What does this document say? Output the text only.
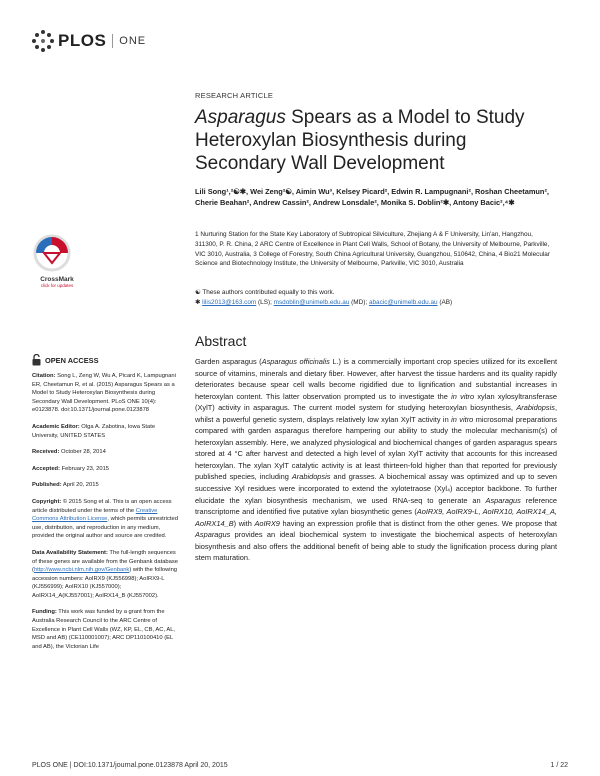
PLOS ONE
RESEARCH ARTICLE
Asparagus Spears as a Model to Study Heteroxylan Biosynthesis during Secondary Wall Development
Lili Song¹,²☯✱, Wei Zeng²☯, Aimin Wu³, Kelsey Picard², Edwin R. Lampugnani², Roshan Cheetamun², Cherie Beahan², Andrew Cassin², Andrew Lonsdale², Monika S. Doblin²✱, Antony Bacic²,⁴✱
1 Nurturing Station for the State Key Laboratory of Subtropical Silviculture, Zhejiang A & F University, Lin'an, Hangzhou, 311300, P. R. China, 2 ARC Centre of Excellence in Plant Cell Walls, School of Botany, the University of Melbourne, Parkville, VIC 3010, Australia, 3 College of Forestry, South China Agricultural University, Guangzhou, 510642, China, 4 Bio21 Molecular Science and Biotechnology Institute, the University of Melbourne, Parkville, VIC 3010, Australia
☯ These authors contributed equally to this work.
✱ lilis2013@163.com (LS); msdoblin@unimelb.edu.au (MD); abacic@unimelb.edu.au (AB)
CrossMark
click for updates
OPEN ACCESS

Citation: Song L, Zeng W, Wu A, Picard K, Lampugnani ER, Cheetamun R, et al. (2015) Asparagus Spears as a Model to Study Heteroxylan Biosynthesis during Secondary Wall Development. PLoS ONE 10(4): e0123878. doi:10.1371/journal.pone.0123878

Academic Editor: Olga A. Zabotina, Iowa State University, UNITED STATES

Received: October 28, 2014

Accepted: February 23, 2015

Published: April 20, 2015

Copyright: © 2015 Song et al. This is an open access article distributed under the terms of the Creative Commons Attribution License, which permits unrestricted use, distribution, and reproduction in any medium, provided the original author and source are credited.

Data Availability Statement: The full-length sequences of these genes are available from the Genbank database (http://www.ncbi.nlm.nih.gov/Genbank) with the following accession numbers: AoIRX9 (KJ556998); AoIRX9-L (KJ556999); AoIRX10 (KJ557000); AoIRX14_A(KJ557001); AoIRX14_B (KJ557002).

Funding: This work was funded by a grant from the Australia Research Council to the ARC Centre of Excellence in Plant Cell Walls (WZ, KP, EL, CB, AC, AL, MSD and AB) (CE110001007); ARC DP110100410 (EL and AB), the Victorian Life

Abstract
Garden asparagus (Asparagus officinalis L.) is a commercially important crop species utilized for its excellent source of vitamins, minerals and dietary fiber. However, after harvest the tissue hardens and its quality rapidly deteriorates because spear cell walls become rigidified due to lignification and substantial increases in heteroxylan content. This latter observation prompted us to investigate the in vitro xylan xylosyltransferase (XylT) activity in asparagus. The current model system for studying heteroxylan biosynthesis, Arabidopsis, whilst a powerful genetic system, displays relatively low xylan XylT activity in in vitro microsomal preparations compared with garden asparagus therefore hampering our ability to study the molecular mechanism(s) of heteroxylan assembly. Here, we analyzed physiological and biochemical changes of garden asparagus spears stored at 4 °C after harvest and detected a high level of xylan XylT activity that accounts for this increased heteroxylan. The xylan XylT catalytic activity is at least thirteen-fold higher than that reported for previously published species, including Arabidopsis and grasses. A biochemical assay was optimized and up to seven successive Xyl residues were incorporated to extend the xylotetraose (Xyl₄) acceptor backbone. To further elucidate the xylan biosynthesis mechanism, we used RNA-seq to generate an Asparagus reference transcriptome and identified five putative xylan biosynthetic genes (AoIRX9, AoIRX9-L, AoIRX10, AoIRX14_A, AoIRX14_B) with AoIRX9 having an expression profile that is distinct from the other genes. We propose that Asparagus provides an ideal biochemical system to investigate the biochemical aspects of heteroxylan biosynthesis and also offers the additional benefit of being able to study the lignification process during plant stem maturation.
PLOS ONE | DOI:10.1371/journal.pone.0123878 April 20, 2015	1 / 22
